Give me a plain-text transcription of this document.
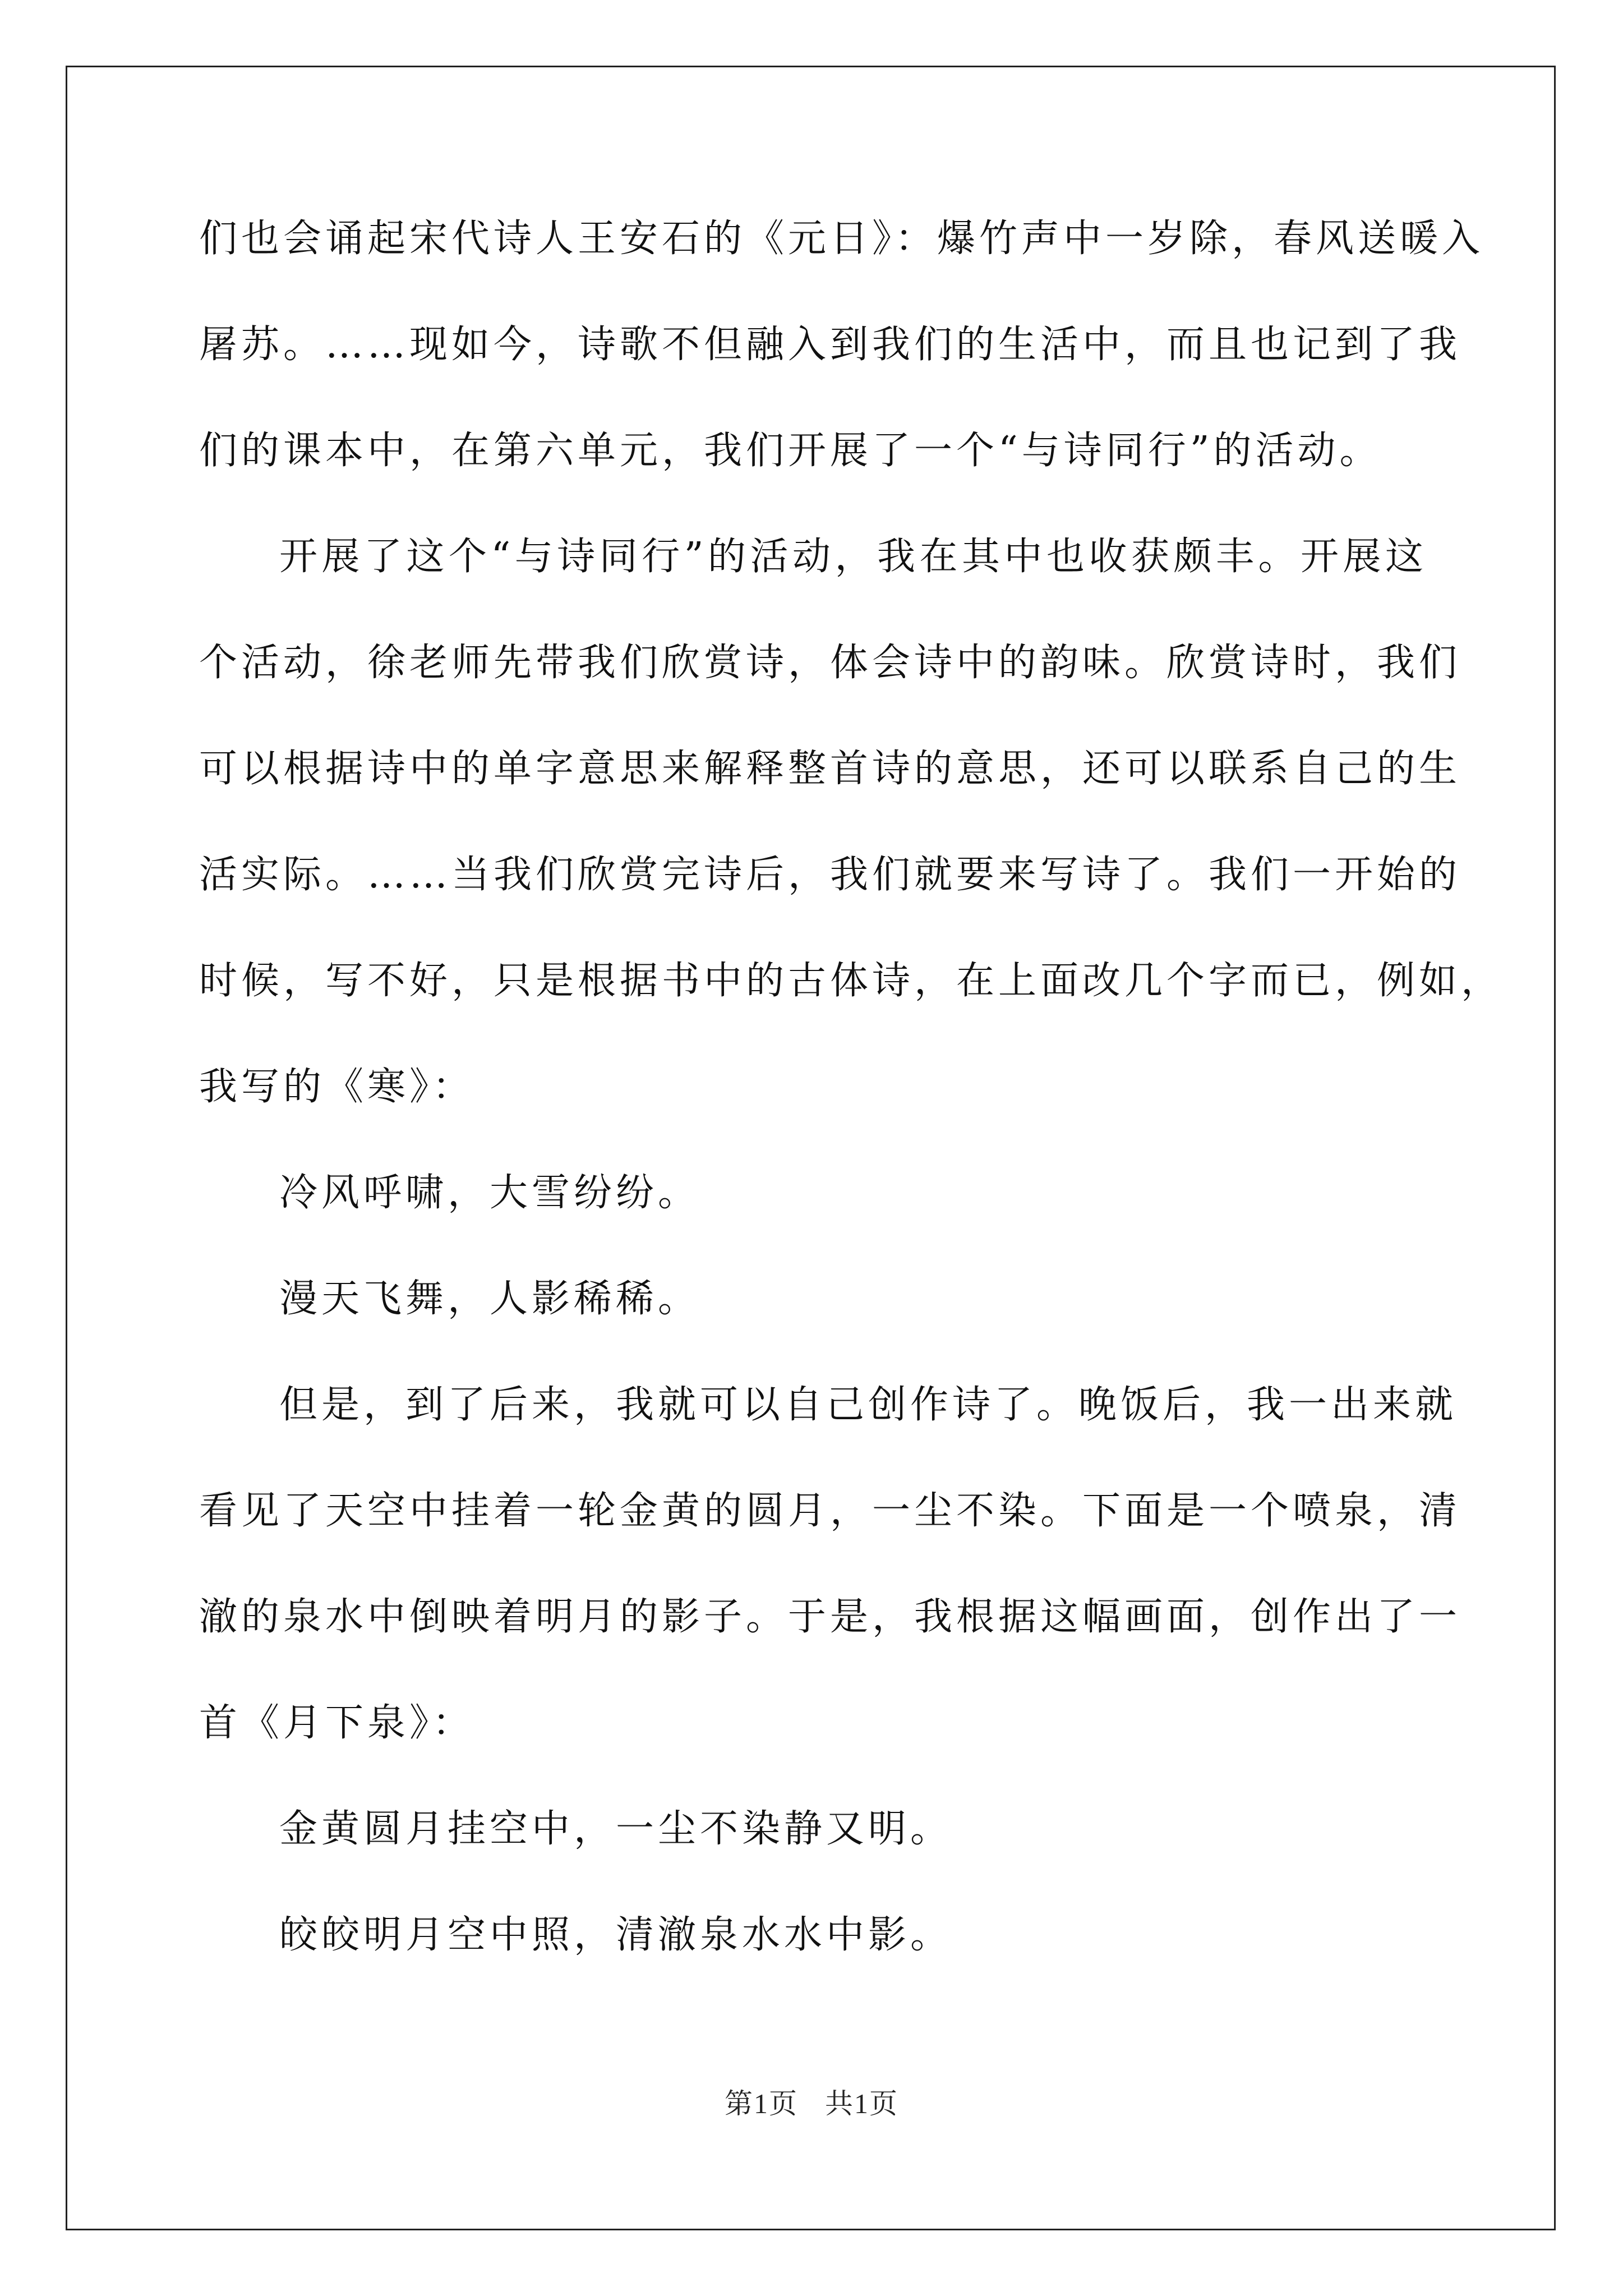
们也会诵起宋代诗人王安石的《元日》：爆竹声中一岁除，春风送暖入
屠苏。……现如今，诗歌不但融入到我们的生活中，而且也记到了我
们的课本中，在第六单元，我们开展了一个“与诗同行”的活动。
开展了这个“与诗同行”的活动，我在其中也收获颇丰。开展这
个活动，徐老师先带我们欣赏诗，体会诗中的韵味。欣赏诗时，我们
可以根据诗中的单字意思来解释整首诗的意思，还可以联系自己的生
活实际。……当我们欣赏完诗后，我们就要来写诗了。我们一开始的
时候，写不好，只是根据书中的古体诗，在上面改几个字而已，例如，
我写的《寒》：
冷风呼啸，大雪纷纷。
漫天飞舞，人影稀稀。
但是，到了后来，我就可以自己创作诗了。晚饭后，我一出来就
看见了天空中挂着一轮金黄的圆月，一尘不染。下面是一个喷泉，清
澈的泉水中倒映着明月的影子。于是，我根据这幅画面，创作出了一
首《月下泉》：
金黄圆月挂空中，一尘不染静又明。
皎皎明月空中照，清澈泉水水中影。
第1页 共1页
